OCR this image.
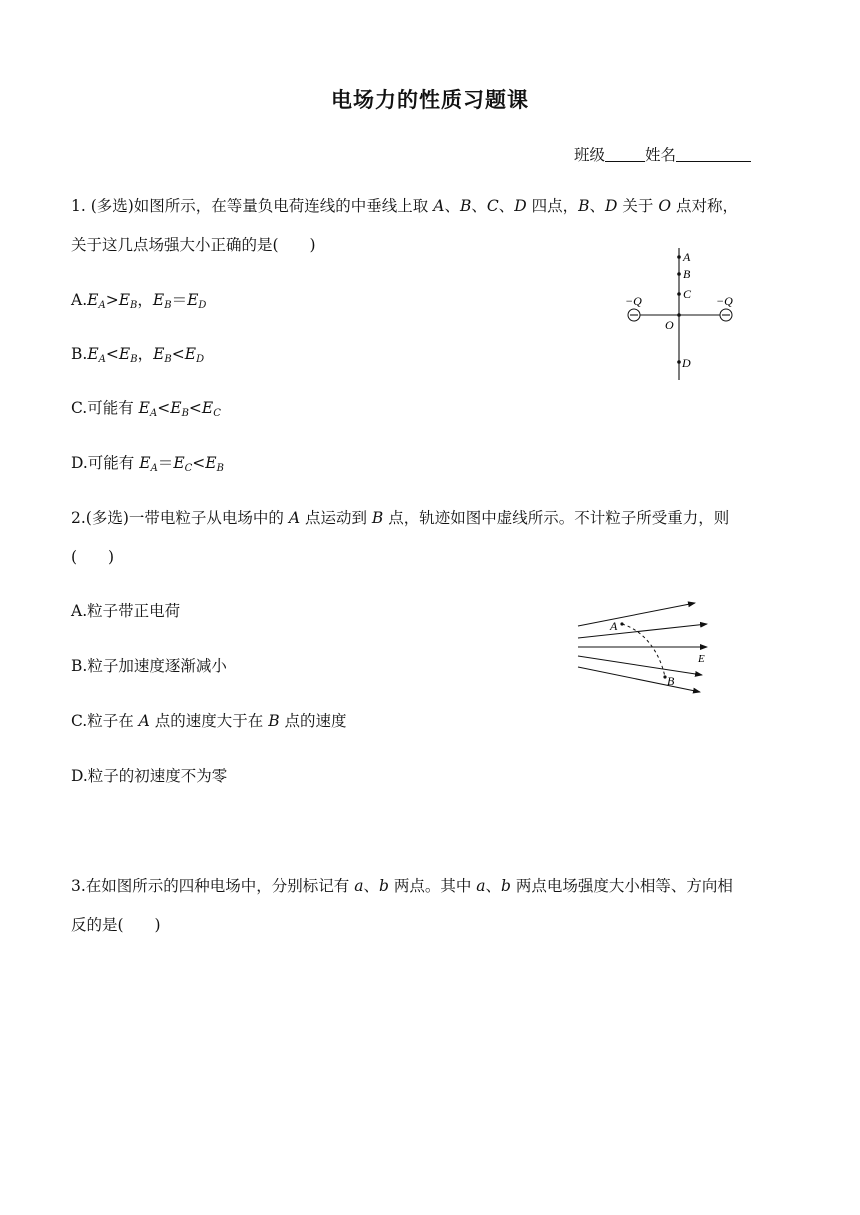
电场力的性质习题课
班级	姓名
1. (多选)如图所示，在等量负电荷连线的中垂线上取 A、B、C、D 四点，B、D 关于 O 点对称，
关于这几点场强大小正确的是(　　)
$A.E_A>E_B$，$E_B=E_D$
$B.E_A<E_B$，$E_B<E_D$
C.可能有 $E_A<E_B<E_C$
D.可能有 $E_A=E_C<E_B$
−Q	−Q
A
B
C
O
D
2.(多选)一带电粒子从电场中的 A 点运动到 B 点，轨迹如图中虚线所示。不计粒子所受重力，则
(　　)
A.粒子带正电荷
B.粒子加速度逐渐减小
C.粒子在 A 点的速度大于在 B 点的速度
D.粒子的初速度不为零
A
B
E
3.在如图所示的四种电场中，分别标记有 a、b 两点。其中 a、b 两点电场强度大小相等、方向相
反的是(　　)
